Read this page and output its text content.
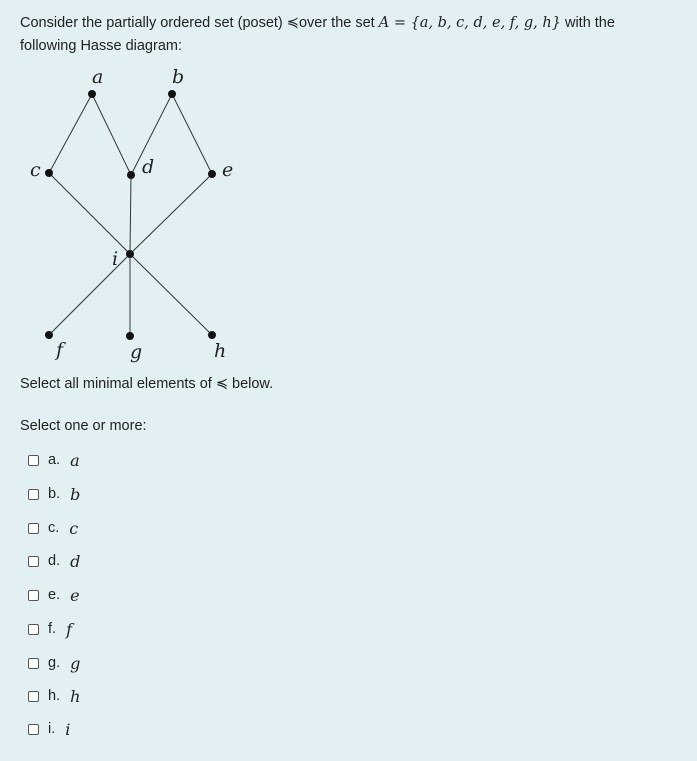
Consider the partially ordered set (poset) ≼over the set A = {a, b, c, d, e, f, g, h} with the
following Hasse diagram:
a	b
c	d	e
i
f	g	h
Select all minimal elements of ≼ below.
Select one or more:
a. a
b. b
c. c
d. d
e. e
f. f
g. g
h. h
i. i
